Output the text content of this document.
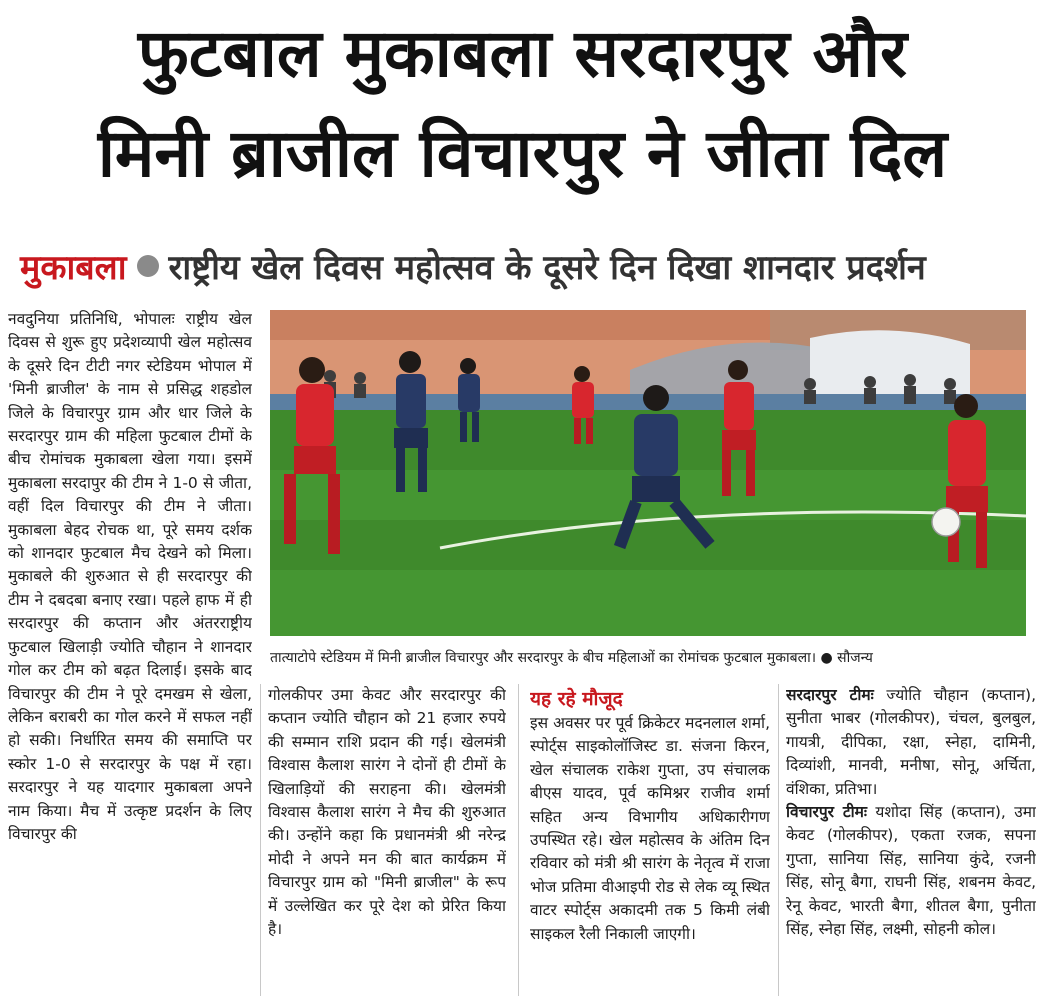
फुटबाल मुकाबला सरदारपुर और
मिनी ब्राजील विचारपुर ने जीता दिल
मुकाबला राष्ट्रीय खेल दिवस महोत्सव के दूसरे दिन दिखा शानदार प्रदर्शन
नवदुनिया प्रतिनिधि, भोपालः राष्ट्रीय खेल दिवस से शुरू हुए प्रदेशव्यापी खेल महोत्सव के दूसरे दिन टीटी नगर स्टेडियम भोपाल में 'मिनी ब्राजील' के नाम से प्रसिद्ध शहडोल जिले के विचारपुर ग्राम और धार जिले के सरदारपुर ग्राम की महिला फुटबाल टीमों के बीच रोमांचक मुकाबला खेला गया। इसमें मुकाबला सरदापुर की टीम ने 1-0 से जीता, वहीं दिल विचारपुर की टीम ने जीता। मुकाबला बेहद रोचक था, पूरे समय दर्शक को शानदार फुटबाल मैच देखने को मिला। मुकाबले की शुरुआत से ही सरदारपुर की टीम ने दबदबा बनाए रखा। पहले हाफ में ही सरदारपुर की कप्तान और अंतरराष्ट्रीय फुटबाल खिलाड़ी ज्योति चौहान ने शानदार गोल कर टीम को बढ़त दिलाई। इसके बाद विचारपुर की टीम ने पूरे दमखम से खेला, लेकिन बराबरी का गोल करने में सफल नहीं हो सकी। निर्धारित समय की समाप्ति पर स्कोर 1-0 से सरदारपुर के पक्ष में रहा। सरदारपुर ने यह यादगार मुकाबला अपने नाम किया। मैच में उत्कृष्ट प्रदर्शन के लिए विचारपुर की
तात्याटोपे स्टेडियम में मिनी ब्राजील विचारपुर और सरदारपुर के बीच महिलाओं का रोमांचक फुटबाल मुकाबला। ● सौजन्य
गोलकीपर उमा केवट और सरदारपुर की कप्तान ज्योति चौहान को 21 हजार रुपये की सम्मान राशि प्रदान की गई। खेलमंत्री विश्वास कैलाश सारंग ने दोनों ही टीमों के खिलाड़ियों की सराहना की। खेलमंत्री विश्वास कैलाश सारंग ने मैच की शुरुआत की। उन्होंने कहा कि प्रधानमंत्री श्री नरेन्द्र मोदी ने अपने मन की बात कार्यक्रम में विचारपुर ग्राम को "मिनी ब्राजील" के रूप में उल्लेखित कर पूरे देश को प्रेरित किया है।
यह रहे मौजूद
इस अवसर पर पूर्व क्रिकेटर मदनलाल शर्मा, स्पोर्ट्स साइकोलॉजिस्ट डा. संजना किरन, खेल संचालक राकेश गुप्ता, उप संचालक बीएस यादव, पूर्व कमिश्नर राजीव शर्मा सहित अन्य विभागीय अधिकारीगण उपस्थित रहे। खेल महोत्सव के अंतिम दिन रविवार को मंत्री श्री सारंग के नेतृत्व में राजा भोज प्रतिमा वीआइपी रोड से लेक व्यू स्थित वाटर स्पोर्ट्स अकादमी तक 5 किमी लंबी साइकल रैली निकाली जाएगी।
सरदारपुर टीमः ज्योति चौहान (कप्तान), सुनीता भाबर (गोलकीपर), चंचल, बुलबुल, गायत्री, दीपिका, रक्षा, स्नेहा, दामिनी, दिव्यांशी, मानवी, मनीषा, सोनू, अर्चिता, वंशिका, प्रतिभा।
विचारपुर टीमः यशोदा सिंह (कप्तान), उमा केवट (गोलकीपर), एकता रजक, सपना गुप्ता, सानिया सिंह, सानिया कुंदे, रजनी सिंह, सोनू बैगा, राघनी सिंह, शबनम केवट, रेनू केवट, भारती बैगा, शीतल बैगा, पुनीता सिंह, स्नेहा सिंह, लक्ष्मी, सोहनी कोल।
